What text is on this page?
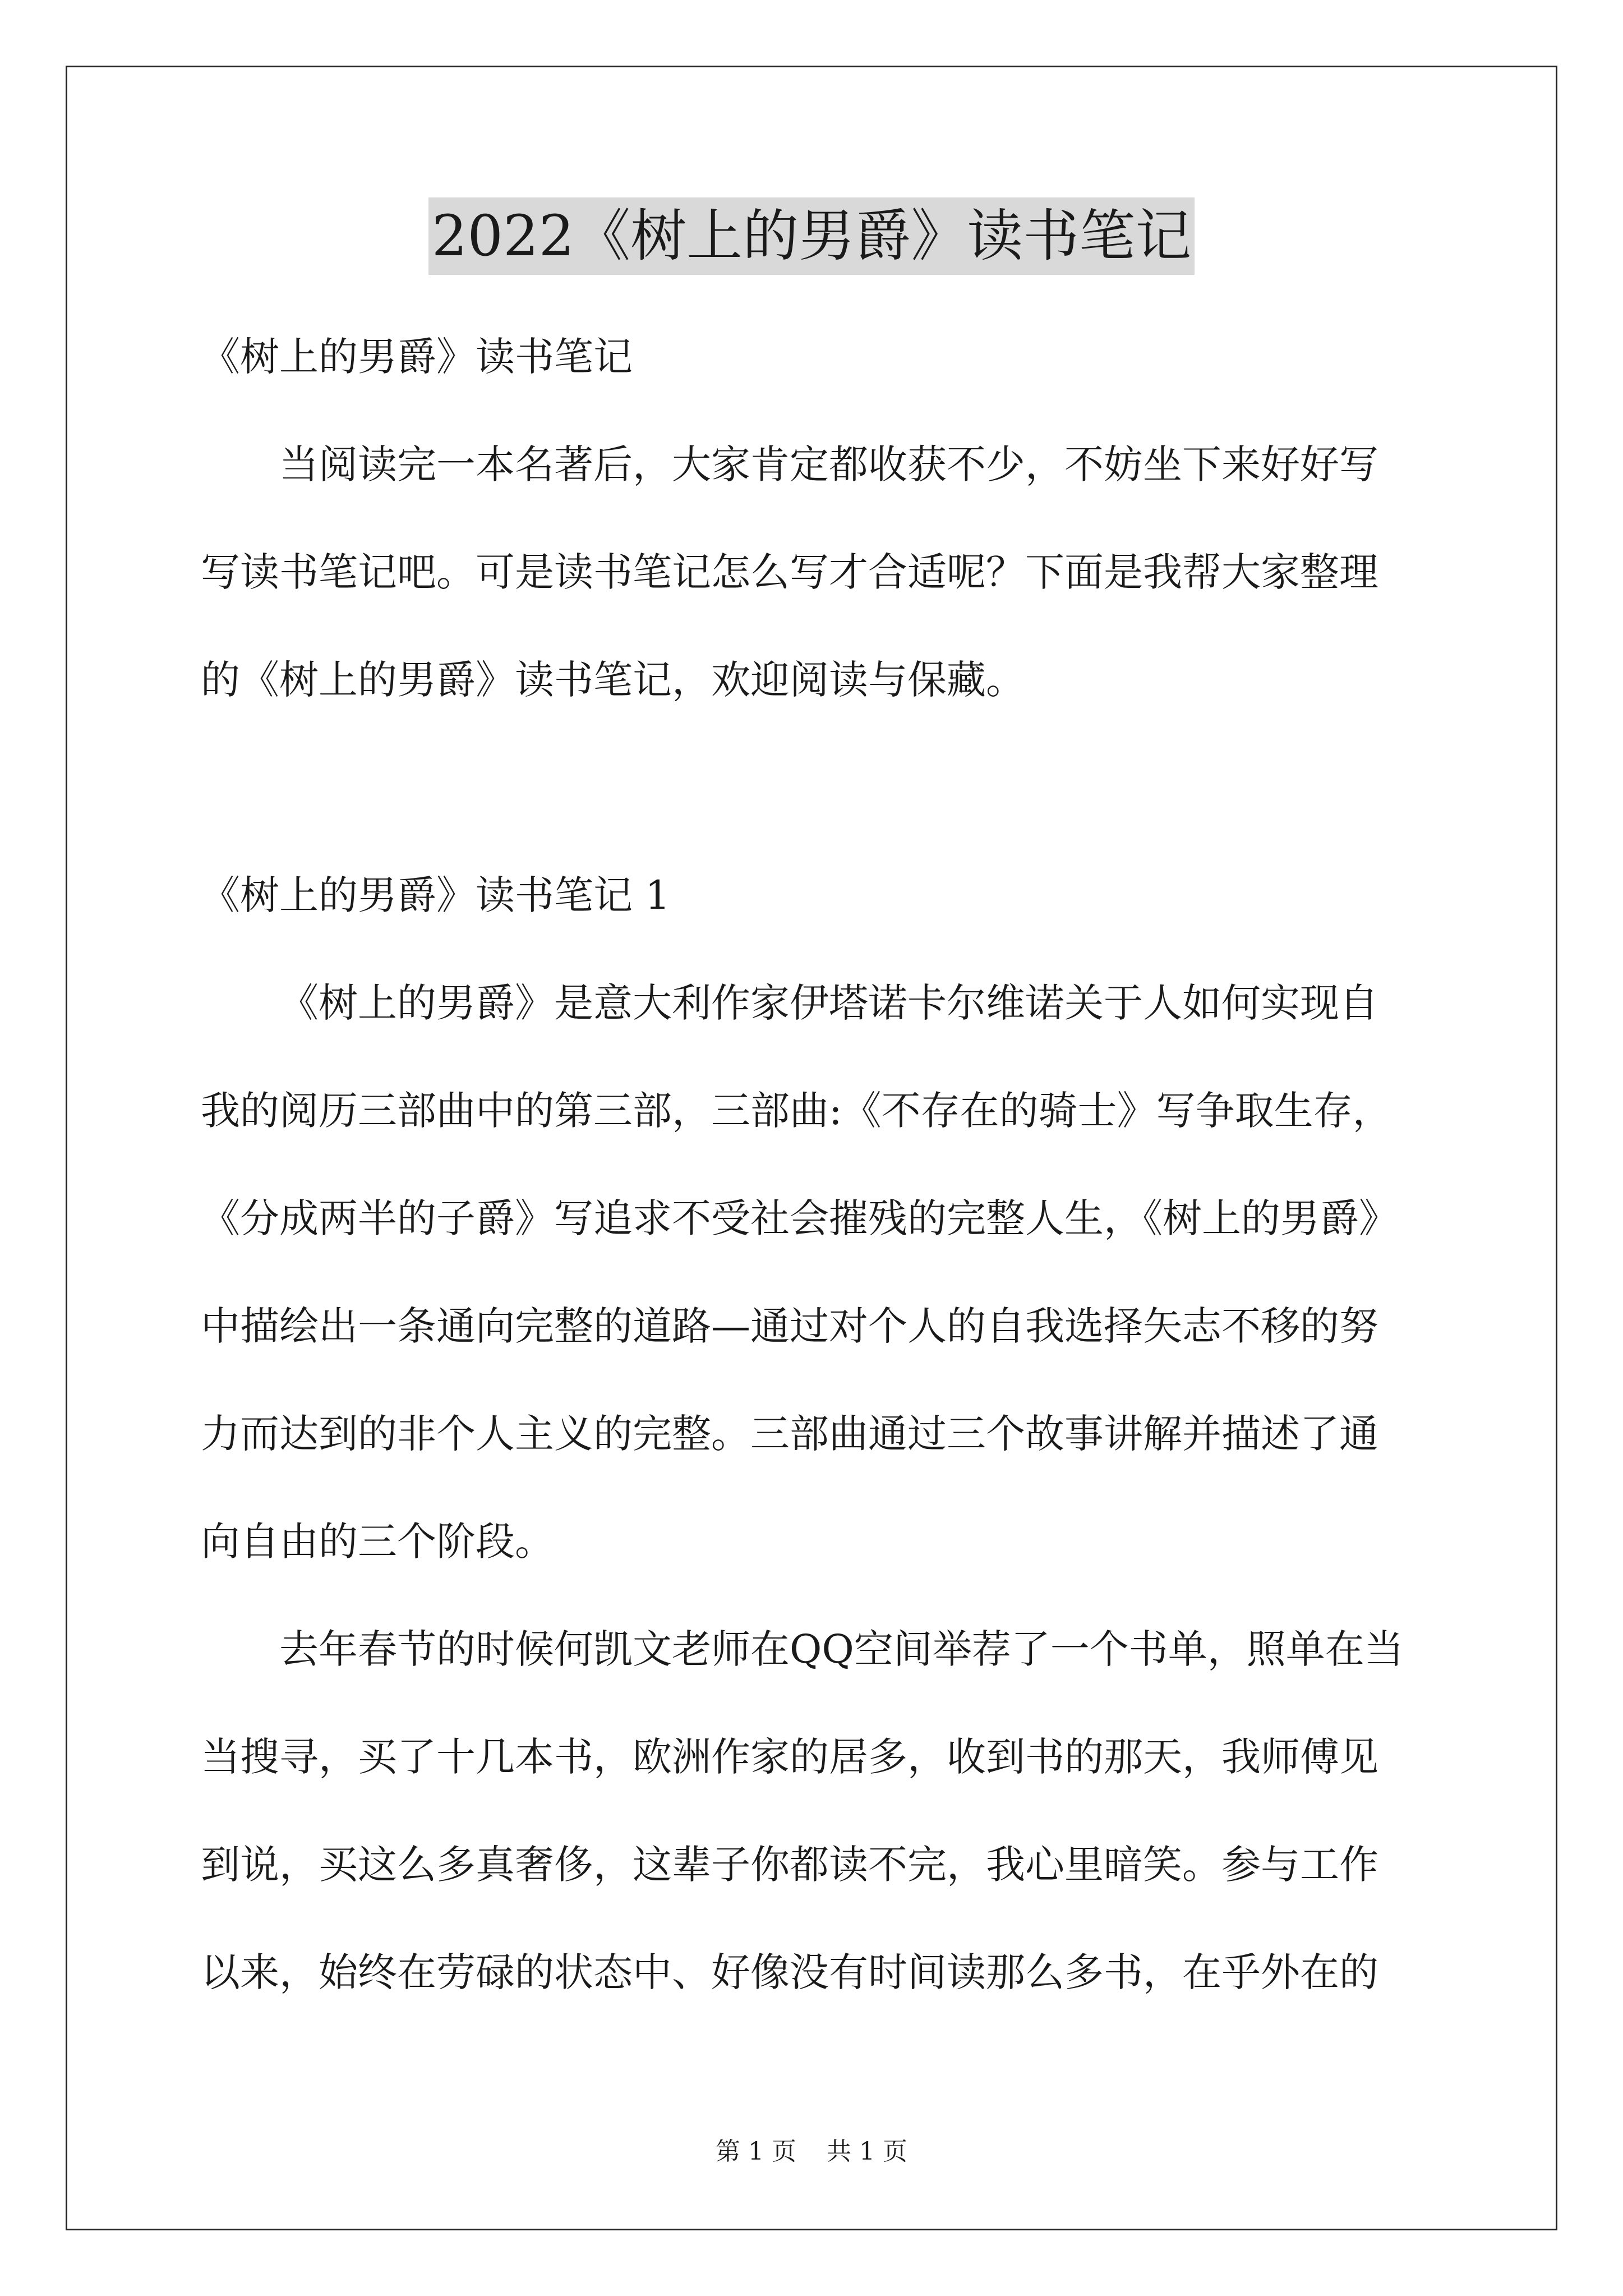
2022《树上的男爵》读书笔记
《树上的男爵》读书笔记
当阅读完一本名著后，大家肯定都收获不少，不妨坐下来好好写
写读书笔记吧。可是读书笔记怎么写才合适呢？下面是我帮大家整理
的《树上的男爵》读书笔记，欢迎阅读与保藏。
《树上的男爵》读书笔记 1
《树上的男爵》是意大利作家伊塔诺卡尔维诺关于人如何实现自
我的阅历三部曲中的第三部，三部曲:《不存在的骑士》写争取生存，
《分成两半的子爵》写追求不受社会摧残的完整人生，《树上的男爵》
中描绘出一条通向完整的道路—通过对个人的自我选择矢志不移的努
力而达到的非个人主义的完整。三部曲通过三个故事讲解并描述了通
向自由的三个阶段。
去年春节的时候何凯文老师在QQ空间举荐了一个书单，照单在当
当搜寻，买了十几本书，欧洲作家的居多，收到书的那天，我师傅见
到说，买这么多真奢侈，这辈子你都读不完，我心里暗笑。参与工作
以来，始终在劳碌的状态中、好像没有时间读那么多书，在乎外在的
第 1 页 共 1 页
